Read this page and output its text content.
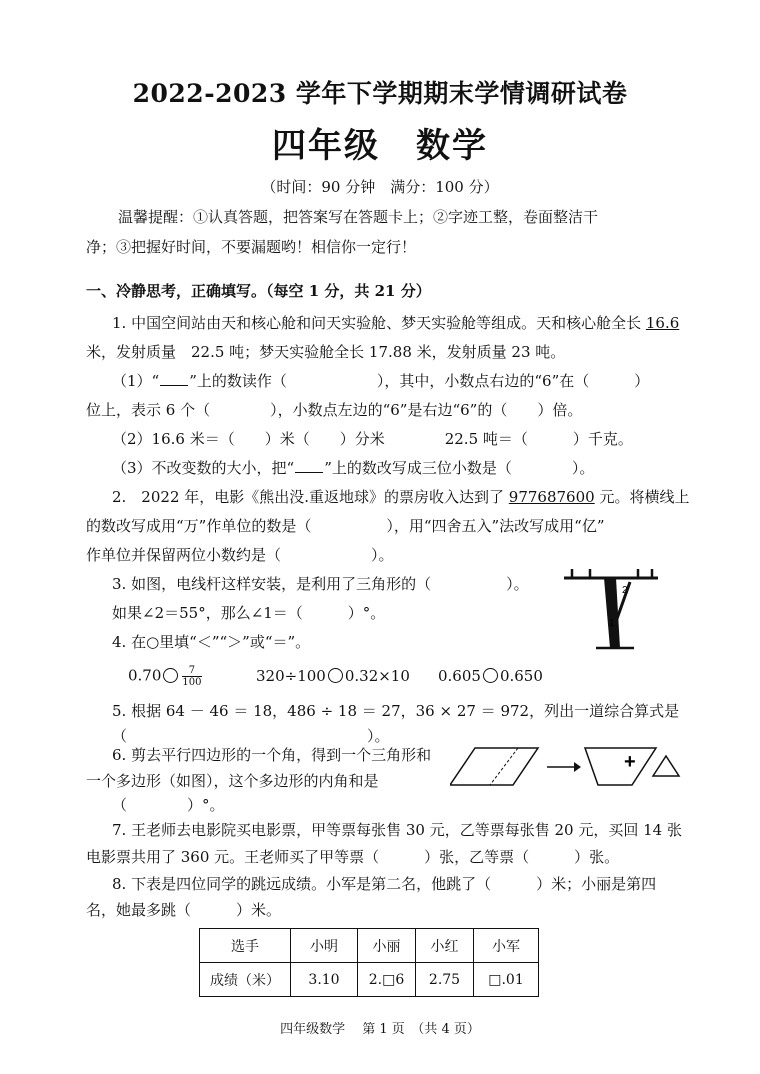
2022-2023 学年下学期期末学情调研试卷
四年级　数学
（时间：90 分钟　满分：100 分）
温馨提醒：①认真答题，把答案写在答题卡上；②字迹工整，卷面整洁干
净；③把握好时间，不要漏题哟！相信你一定行！
一、冷静思考，正确填写。（每空 1 分，共 21 分）
1. 中国空间站由天和核心舱和问天实验舱、梦天实验舱等组成。天和核心舱全长 16.6
米，发射质量　22.5 吨；梦天实验舱全长 17.88 米，发射质量 23 吨。
（1）“ ”上的数读作（　　　　　　），其中，小数点右边的“6”在（　　　）
位上，表示 6 个（　　　　），小数点左边的“6”是右边“6”的（　　）倍。
（2）16.6 米＝（　　）米（　　）分米　　　　22.5 吨＝（　　　）千克。
（3）不改变数的大小，把“ ”上的数改写成三位小数是（　　　　）。
2.　2022 年，电影《熊出没.重返地球》的票房收入达到了 977687600 元。将横线上
的数改写成用“万”作单位的数是（　　　　　），用“四舍五入”法改写成用“亿”
作单位并保留两位小数约是（　　　　　　）。
3. 如图，电线杆这样安装，是利用了三角形的（　　　　　）。
如果∠2＝55°，那么∠1＝（　　　）°。
2
1
4. 在○里填“＜”“＞”或“＝”。
$0.70 \frac{7}{100}$	320÷100 0.32×10 0.605 0.650
5. 根据 64 － 46 ＝ 18，486 ÷ 18 ＝ 27，36 × 27 ＝ 972，列出一道综合算式是
（　　　　　　　　　　　　　　　　）。
6. 剪去平行四边形的一个角，得到一个三角形和
一个多边形（如图），这个多边形的内角和是
（　　　　）°。
+
7. 王老师去电影院买电影票，甲等票每张售 30 元，乙等票每张售 20 元，买回 14 张
电影票共用了 360 元。王老师买了甲等票（　　　）张，乙等票（　　　）张。
8. 下表是四位同学的跳远成绩。小军是第二名，他跳了（　　　）米；小丽是第四
名，她最多跳（　　　）米。
选手	小明	小丽	小红	小军
成绩（米）	3.10	2.□6	2.75	□.01
四年级数学　 第 1 页　（共 4 页）
